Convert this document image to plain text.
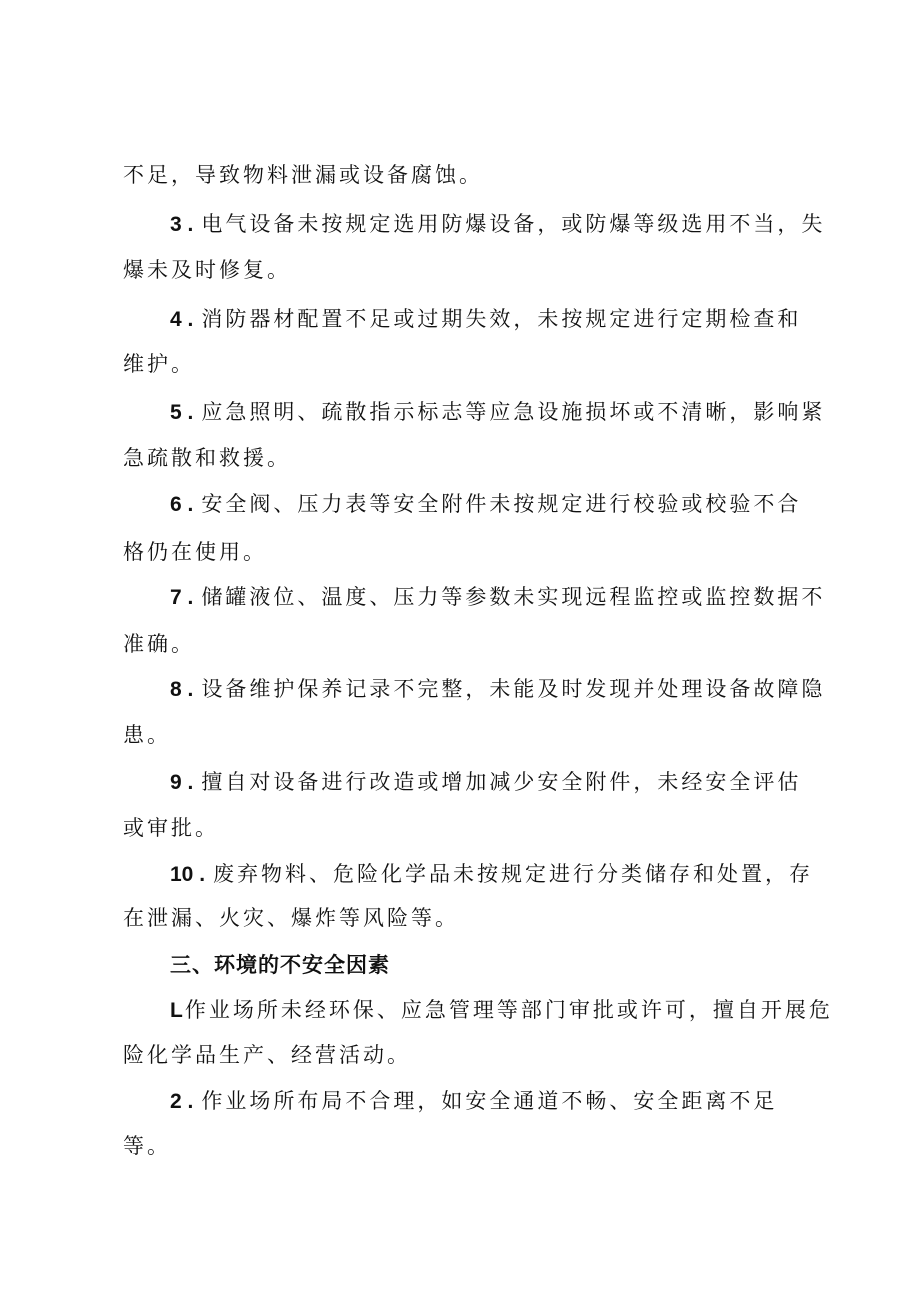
不足，导致物料泄漏或设备腐蚀。
3 . 电气设备未按规定选用防爆设备，或防爆等级选用不当，失
爆未及时修复。
4 . 消防器材配置不足或过期失效，未按规定进行定期检查和
维护。
5 . 应急照明、疏散指示标志等应急设施损坏或不清晰，影响紧
急疏散和救援。
6 . 安全阀、压力表等安全附件未按规定进行校验或校验不合
格仍在使用。
7 . 储罐液位、温度、压力等参数未实现远程监控或监控数据不
准确。
8 . 设备维护保养记录不完整，未能及时发现并处理设备故障隐
患。
9 . 擅自对设备进行改造或增加减少安全附件，未经安全评估
或审批。
10 . 废弃物料、危险化学品未按规定进行分类储存和处置，存
在泄漏、火灾、爆炸等风险等。
三、环境的不安全因素
L作业场所未经环保、应急管理等部门审批或许可，擅自开展危
险化学品生产、经营活动。
2 . 作业场所布局不合理，如安全通道不畅、安全距离不足
等。
